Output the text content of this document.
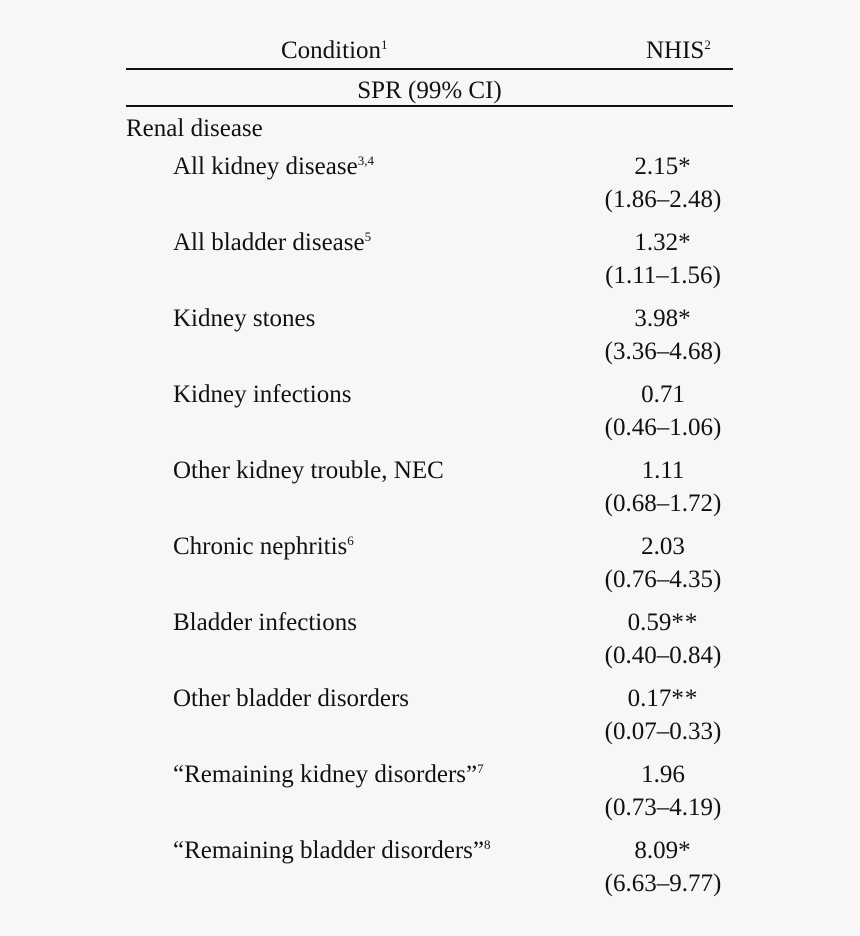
Condition$^1$	NHIS$^2$
SPR (99% CI)
Renal disease
All kidney disease$^{3,4}$	2.15*
(1.86–2.48)
All bladder disease$^5$	1.32*
(1.11–1.56)
Kidney stones	3.98*
(3.36–4.68)
Kidney infections	0.71
(0.46–1.06)
Other kidney trouble, NEC	1.11
(0.68–1.72)
Chronic nephritis$^6$	2.03
(0.76–4.35)
Bladder infections	0.59**
(0.40–0.84)
Other bladder disorders	0.17**
(0.07–0.33)
“Remaining kidney disorders”$^7$	1.96
(0.73–4.19)
“Remaining bladder disorders”$^8$	8.09*
(6.63–9.77)
